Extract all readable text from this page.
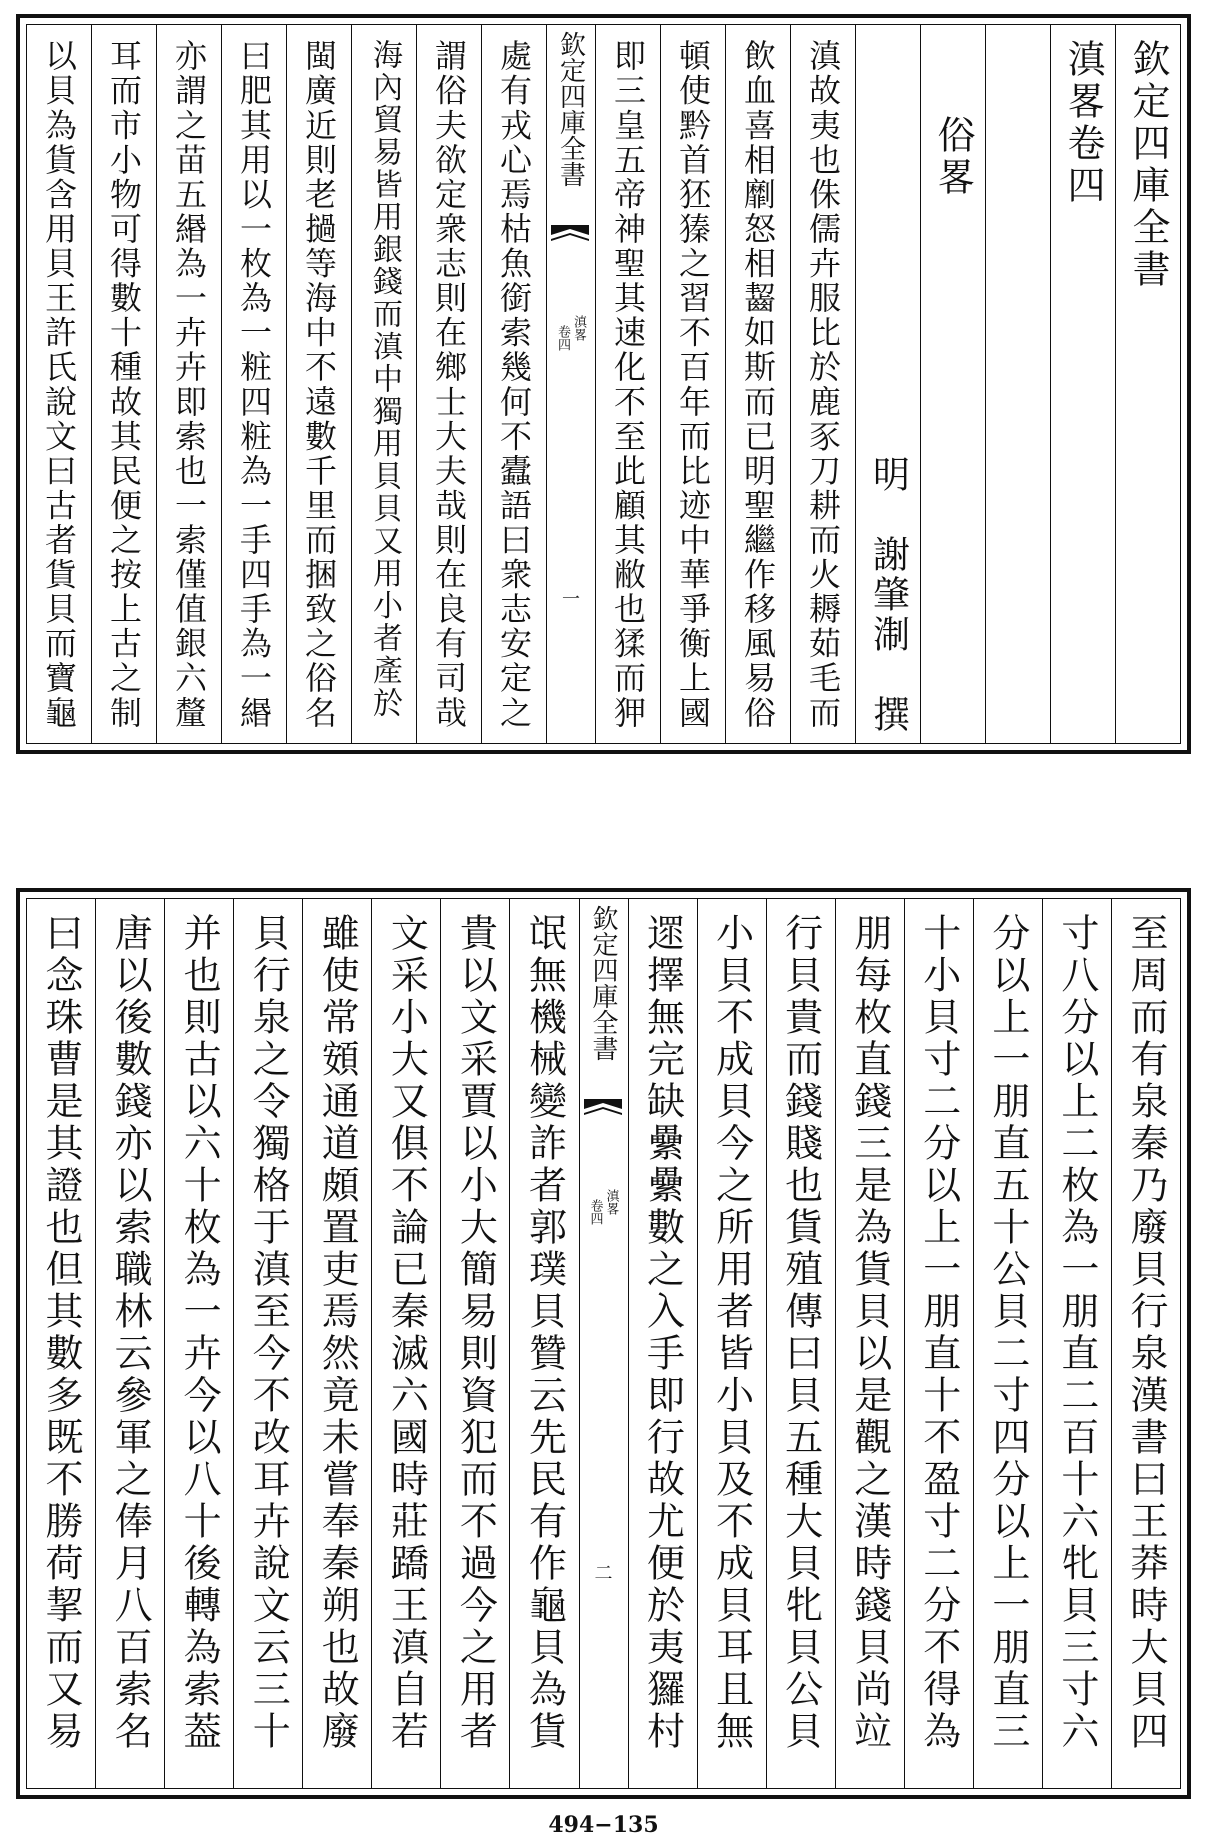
欽定四庫全書
滇畧卷四
俗畧
明　謝肇淛　撰
滇故夷也侏儒卉服比於鹿豕刀耕而火耨茹毛而
飲血喜相劘怒相齧如斯而已明聖繼作移風易俗
頓使黔首狉獉之習不百年而比迹中華爭衡上國
即三皇五帝神聖其速化不至此顧其敝也猱而狎
欽定四庫全書
滇畧
卷四
一
處有戎心焉枯魚銜索幾何不蠹語曰衆志安定之
謂俗夫欲定衆志則在鄉士大夫哉則在良有司哉
海內貿易皆用銀錢而滇中獨用貝貝又用小者產於
閩廣近則老撾等海中不遠數千里而捆致之俗名
曰肥其用以一枚為一粧四粧為一手四手為一緡
亦謂之苗五緡為一卉卉即索也一索僅值銀六釐
耳而市小物可得數十種故其民便之按上古之制
以貝為貨含用貝王許氏說文曰古者貨貝而寶龜
至周而有泉秦乃廢貝行泉漢書曰王莽時大貝四
寸八分以上二枚為一朋直二百十六牝貝三寸六
分以上一朋直五十公貝二寸四分以上一朋直三
十小貝寸二分以上一朋直十不盈寸二分不得為
朋每枚直錢三是為貨貝以是觀之漢時錢貝尚竝
行貝貴而錢賤也貨殖傳曰貝五種大貝牝貝公貝
小貝不成貝今之所用者皆小貝及不成貝耳且無
遝擇無完缺纍纍數之入手即行故尤便於夷玀村
欽定四庫全書
滇畧
卷四
二
氓無機械變詐者郭璞貝贊云先民有作龜貝為貨
貴以文采賈以小大簡易則資犯而不過今之用者
文采小大又俱不論已秦滅六國時莊蹻王滇自若
雖使常頞通道頗置吏焉然竟未嘗奉秦朔也故廢
貝行泉之令獨格于滇至今不改耳卉說文云三十
并也則古以六十枚為一卉今以八十後轉為索葢
唐以後數錢亦以索職林云參軍之俸月八百索名
曰念珠曹是其證也但其數多既不勝荷挈而又易
494−135
